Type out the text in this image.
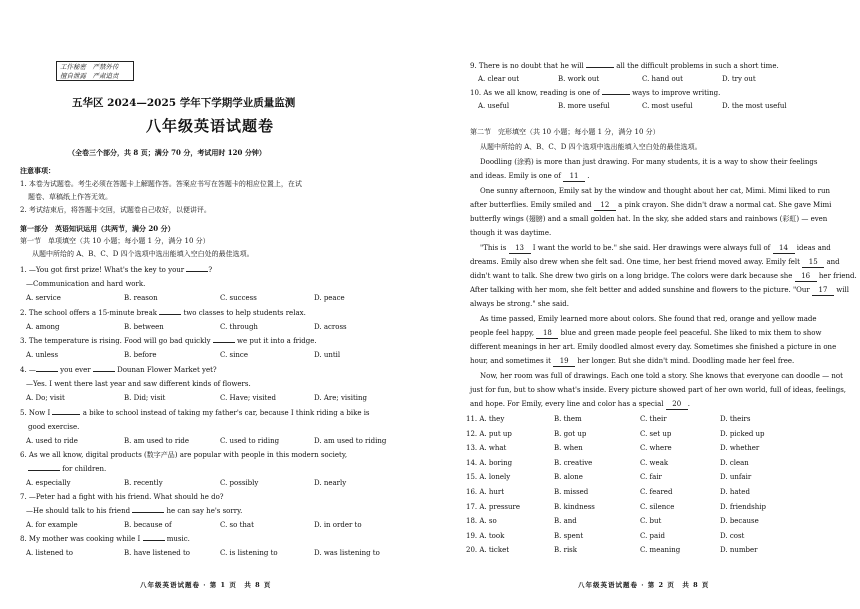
工作秘密　严禁外传
擅自泄露　严肃追责
五华区 2024—2025 学年下学期学业质量监测
八年级英语试题卷
（全卷三个部分，共 8 页；满分 70 分，考试用时 120 分钟）
注意事项：
1. 本卷为试题卷。考生必须在答题卡上解题作答。答案应书写在答题卡的相应位置上，在试
题卷、草稿纸上作答无效。
2. 考试结束后，将答题卡交回，试题卷自己收好，以便讲评。
第一部分　英语知识运用（共两节，满分 20 分）
第一节　单项填空（共 10 小题；每小题 1 分，满分 10 分）
从题中所给的 A、B、C、D 四个选项中选出能填入空白处的最佳选项。
1. —You got first prize! What's the key to your	?
—Communication and hard work.
A. service	B. reason	C. success	D. peace
2. The school offers a 15-minute break	two classes to help students relax.
A. among	B. between	C. through	D. across
3. The temperature is rising. Food will go bad quickly	we put it into a fridge.
A. unless	B. before	C. since	D. until
4. —	you ever	Dounan Flower Market yet?
—Yes. I went there last year and saw different kinds of flowers.
A. Do; visit	B. Did; visit	C. Have; visited	D. Are; visiting
5. Now I	a bike to school instead of taking my father's car, because I think riding a bike is
good exercise.
A. used to ride	B. am used to ride	C. used to riding	D. am used to riding
6. As we all know, digital products (数字产品) are popular with people in this modern society,
for children.
A. especially	B. recently	C. possibly	D. nearly
7. —Peter had a fight with his friend. What should he do?
—He should talk to his friend	he can say he's sorry.
A. for example	B. because of	C. so that	D. in order to
8. My mother was cooking while I	music.
A. listened to	B. have listened to	C. is listening to	D. was listening to
八年级英语试题卷 · 第 1 页　共 8 页
9. There is no doubt that he will	all the difficult problems in such a short time.
A. clear out	B. work out	C. hand out	D. try out
10. As we all know, reading is one of	ways to improve writing.
A. useful	B. more useful	C. most useful	D. the most useful
第二节　完形填空（共 10 小题；每小题 1 分，满分 10 分）
从题中所给的 A、B、C、D 四个选项中选出能填入空白处的最佳选项。
Doodling (涂鸦) is more than just drawing. For many students, it is a way to show their feelings
and ideas. Emily is one of 11 .
One sunny afternoon, Emily sat by the window and thought about her cat, Mimi. Mimi liked to run
after butterflies. Emily smiled and 12 a pink crayon. She didn't draw a normal cat. She gave Mimi
butterfly wings (翅膀) and a small golden hat. In the sky, she added stars and rainbows (彩虹) — even
though it was daytime.
"This is 13 I want the world to be." she said. Her drawings were always full of 14 ideas and
dreams. Emily also drew when she felt sad. One time, her best friend moved away. Emily felt 15 and
didn't want to talk. She drew two girls on a long bridge. The colors were dark because she 16 her friend.
After talking with her mom, she felt better and added sunshine and flowers to the picture. "Our 17 will
always be strong." she said.
As time passed, Emily learned more about colors. She found that red, orange and yellow made
people feel happy, 18 blue and green made people feel peaceful. She liked to mix them to show
different meanings in her art. Emily doodled almost every day. Sometimes she finished a picture in one
hour, and sometimes it 19 her longer. But she didn't mind. Doodling made her feel free.
Now, her room was full of drawings. Each one told a story. She knows that everyone can doodle — not
just for fun, but to show what's inside. Every picture showed part of her own world, full of ideas, feelings,
and hope. For Emily, every line and color has a special 20 .
11. A. they	B. them	C. their	D. theirs
12. A. put up	B. got up	C. set up	D. picked up
13. A. what	B. when	C. where	D. whether
14. A. boring	B. creative	C. weak	D. clean
15. A. lonely	B. alone	C. fair	D. unfair
16. A. hurt	B. missed	C. feared	D. hated
17. A. pressure	B. kindness	C. silence	D. friendship
18. A. so	B. and	C. but	D. because
19. A. took	B. spent	C. paid	D. cost
20. A. ticket	B. risk	C. meaning	D. number
八年级英语试题卷 · 第 2 页　共 8 页
